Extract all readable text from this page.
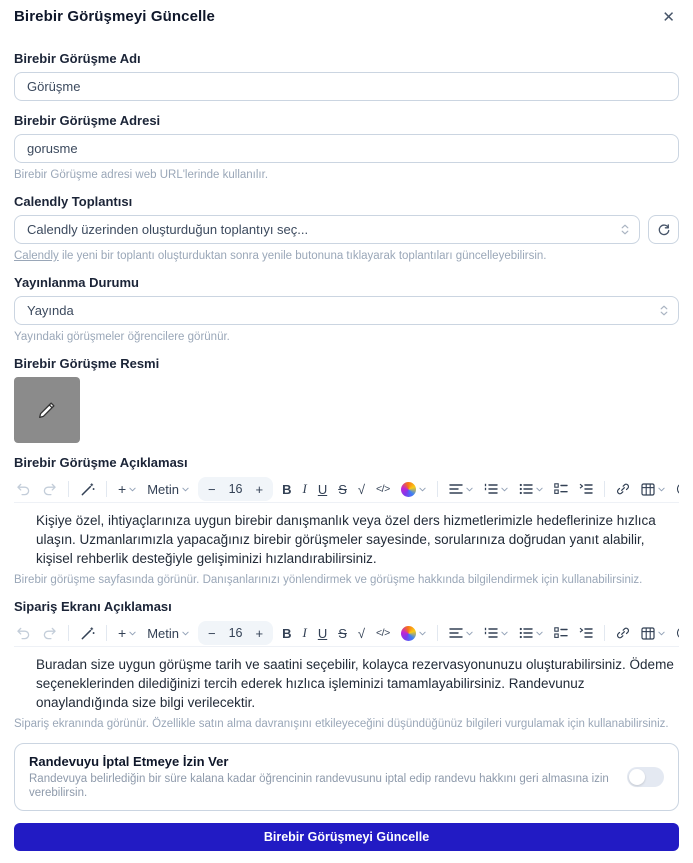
Birebir Görüşmeyi Güncelle	✕
Birebir Görüşme Adı
Görüşme
Birebir Görüşme Adresi
gorusme
Birebir Görüşme adresi web URL'lerinde kullanılır.
Calendly Toplantısı
Calendly üzerinden oluşturduğun toplantıyı seç...
Calendly ile yeni bir toplantı oluşturduktan sonra yenile butonuna tıklayarak toplantıları güncelleyebilirsin.
Yayınlanma Durumu
Yayında
Yayındaki görüşmeler öğrencilere görünür.
Birebir Görüşme Resmi
Birebir Görüşme Açıklaması
+ Metin − 16 + B I U S √ </>
Kişiye özel, ihtiyaçlarınıza uygun birebir danışmanlık veya özel ders hizmetlerimizle hedeflerinize hızlıca ulaşın. Uzmanlarımızla yapacağınız birebir görüşmeler sayesinde, sorularınıza doğrudan yanıt alabilir, kişisel rehberlik desteğiyle gelişiminizi hızlandırabilirsiniz.
Birebir görüşme sayfasında görünür. Danışanlarınızı yönlendirmek ve görüşme hakkında bilgilendirmek için kullanabilirsiniz.
Sipariş Ekranı Açıklaması
+ Metin − 16 + B I U S √ </>
Buradan size uygun görüşme tarih ve saatini seçebilir, kolayca rezervasyonunuzu oluşturabilirsiniz. Ödeme seçeneklerinden dilediğinizi tercih ederek hızlıca işleminizi tamamlayabilirsiniz. Randevunuz onaylandığında size bilgi verilecektir.
Sipariş ekranında görünür. Özellikle satın alma davranışını etkileyeceğini düşündüğünüz bilgileri vurgulamak için kullanabilirsiniz.
Randevuyu İptal Etmeye İzin Ver
Randevuya belirlediğin bir süre kalana kadar öğrencinin randevusunu iptal edip randevu hakkını geri almasına izin verebilirsin.
Birebir Görüşmeyi Güncelle
